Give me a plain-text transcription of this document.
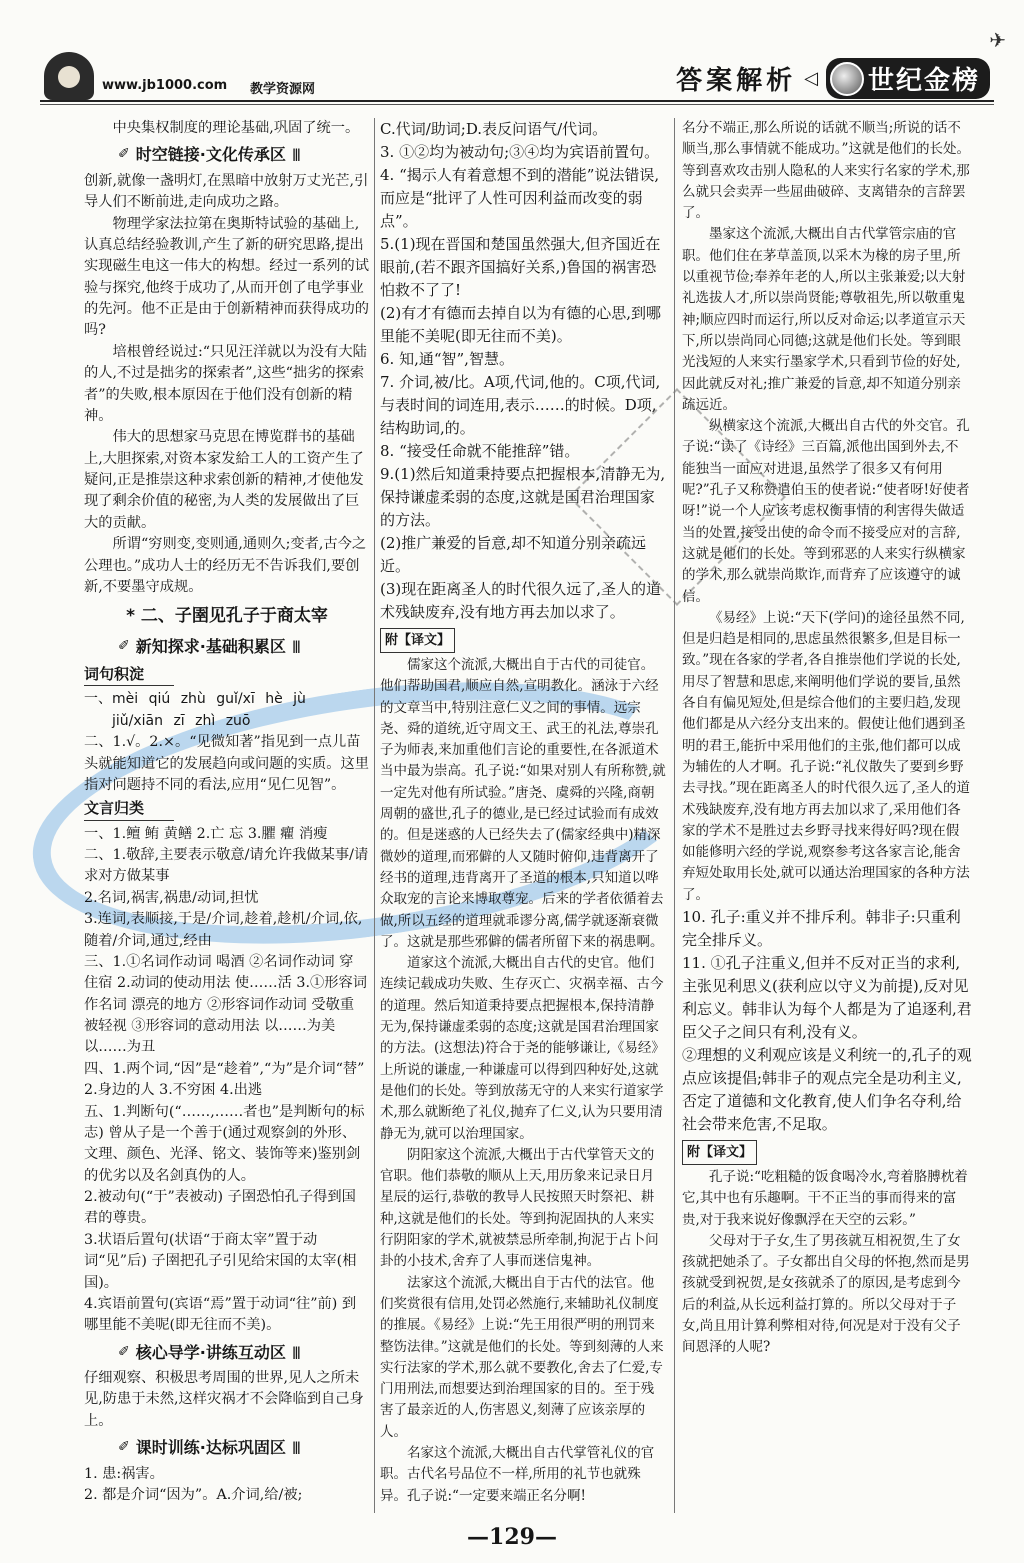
www.jb1000.com 教学资源网	答案解析 ◁ 世纪金榜
✈

中央集权制度的理论基础,巩固了统一。

✐ 时空链接·文化传承区 |||

创新,就像一盏明灯,在黑暗中放射万丈光芒,引导人们不断前进,走向成功之路。

物理学家法拉第在奥斯特试验的基础上,认真总结经验教训,产生了新的研究思路,提出实现磁生电这一伟大的构想。经过一系列的试验与探究,他终于成功了,从而开创了电学事业的先河。他不正是由于创新精神而获得成功的吗?

培根曾经说过:“只见汪洋就以为没有大陆的人,不过是拙劣的探索者”,这些“拙劣的探索者”的失败,根本原因在于他们没有创新的精神。

伟大的思想家马克思在博览群书的基础上,大胆探索,对资本家发給工人的工资产生了疑问,正是推崇这种求索创新的精神,才使他发现了剩余价值的秘密,为人类的发展做出了巨大的贡献。

所谓“穷则变,变则通,通则久;变者,古今之公理也。”成功人士的经历无不告诉我们,要创新,不要墨守成规。

* 二、子圉见孔子于商太宰
✐ 新知探求·基础积累区 |||
词句积淀

一、mèi qiú zhù guǐ/xī hè jù

jiǔ/xiān zī zhì zuō

二、1.√。2.×。“见微知著”指见到一点儿苗头就能知道它的发展趋向或问题的实质。这里指对问题持不同的看法,应用“见仁见智”。

文言归类

一、1.鳣 鲔 黄鳝 2.亡 忘 3.臞 癯 消瘦

二、1.敬辞,主要表示敬意/请允许我做某事/请求对方做某事

2.名词,祸害,祸患/动词,担忧

3.连词,表顺接,于是/介词,趁着,趁机/介词,依,随着/介词,通过,经由

三、1.①名词作动词 喝酒 ②名词作动词 穿 住宿 2.动词的使动用法 使……活 3.①形容词作名词 漂亮的地方 ②形容词作动词 受敬重 被轻视 ③形容词的意动用法 以……为美 以……为丑

四、1.两个词,“因”是“趁着”,“为”是介词“替” 2.身边的人 3.不穷困 4.出逃

五、1.判断句(“……,……者也”是判断句的标志) 曾从子是一个善于(通过观察剑的外形、文理、颜色、光泽、铭文、装饰等来)鉴别剑的优劣以及名剑真伪的人。

2.被动句(“于”表被动) 子圉恐怕孔子得到国君的尊贵。

3.状语后置句(状语“于商太宰”置于动词“见”后) 子圉把孔子引见给宋国的太宰(相国)。

4.宾语前置句(宾语“焉”置于动词“往”前) 到哪里能不美呢(即无往而不美)。

✐ 核心导学·讲练互动区 |||

仔细观察、积极思考周围的世界,见人之所未见,防患于未然,这样灾祸才不会降临到自己身上。

✐ 课时训练·达标巩固区 |||

1. 患:祸害。

2. 都是介词“因为”。A.介词,给/被;

C.代词/助词;D.表反问语气/代词。

3. ①②均为被动句;③④均为宾语前置句。

4. “揭示人有着意想不到的潜能”说法错误,而应是“批评了人性可因利益而改变的弱点”。

5.(1)现在晋国和楚国虽然强大,但齐国近在眼前,(若不跟齐国搞好关系,)鲁国的祸害恐怕救不了了!

(2)有才有德而去掉自以为有德的心思,到哪里能不美呢(即无往而不美)。

6. 知,通“智”,智慧。

7. 介词,被/比。A项,代词,他的。C项,代词,与表时间的词连用,表示……的时候。D项,结构助词,的。

8. “接受任命就不能推辞”错。

9.(1)然后知道秉持要点把握根本,清静无为,保持谦虚柔弱的态度,这就是国君治理国家的方法。

(2)推广兼爱的旨意,却不知道分别亲疏远近。

(3)现在距离圣人的时代很久远了,圣人的道术残缺废弃,没有地方再去加以求了。

附【译文】

儒家这个流派,大概出自于古代的司徒官。他们帮助国君,顺应自然,宣明教化。涵泳于六经的文章当中,特别注意仁义之间的事情。远宗尧、舜的道统,近守周文王、武王的礼法,尊崇孔子为师表,来加重他们言论的重要性,在各派道术当中最为崇高。孔子说:“如果对别人有所称赞,就一定先对他有所试验。”唐尧、虞舜的兴隆,商朝周朝的盛世,孔子的德业,是已经过试验而有成效的。但是迷惑的人已经失去了(儒家经典中)精深微妙的道理,而邪僻的人又随时俯仰,违背离开了经书的道理,违背离开了圣道的根本,只知道以哗众取宠的言论来博取尊宠。后来的学者依循着去做,所以五经的道理就乖谬分离,儒学就逐渐衰微了。这就是那些邪僻的儒者所留下来的祸患啊。

道家这个流派,大概出自古代的史官。他们连续记载成功失败、生存灭亡、灾祸幸福、古今的道理。然后知道秉持要点把握根本,保持清静无为,保持谦虚柔弱的态度;这就是国君治理国家的方法。(这想法)符合于尧的能够谦让,《易经》上所说的谦虚,一种谦虚可以得到四种好处,这就是他们的长处。等到放荡无守的人来实行道家学术,那么就断绝了礼仪,抛弃了仁义,认为只要用清静无为,就可以治理国家。

阴阳家这个流派,大概出于古代掌管天文的官职。他们恭敬的顺从上天,用历象来记录日月星辰的运行,恭敬的教导人民按照天时祭祀、耕种,这就是他们的长处。等到拘泥固执的人来实行阴阳家的学术,就被禁忌所牵制,拘泥于占卜问卦的小技术,舍弃了人事而迷信鬼神。

法家这个流派,大概出自于古代的法官。他们奖赏很有信用,处罚必然施行,来辅助礼仪制度的推展。《易经》上说:“先王用很严明的刑罚来整饬法律。”这就是他们的长处。等到刻薄的人来实行法家的学术,那么就不要教化,舍去了仁爱,专门用刑法,而想要达到治理国家的目的。至于残害了最亲近的人,伤害恩义,刻薄了应该亲厚的人。

名家这个流派,大概出自古代掌管礼仪的官职。古代名号品位不一样,所用的礼节也就殊异。孔子说:“一定要来端正名分啊!

名分不端正,那么所说的话就不顺当;所说的话不顺当,那么事情就不能成功。”这就是他们的长处。等到喜欢攻击别人隐私的人来实行名家的学术,那么就只会卖弄一些屈曲破碎、支离错杂的言辞罢了。

墨家这个流派,大概出自古代掌管宗庙的官职。他们住在茅草盖顶,以采木为椽的房子里,所以重视节俭;奉养年老的人,所以主张兼爱;以大射礼选拔人才,所以崇尚贤能;尊敬祖先,所以敬重鬼神;顺应四时而运行,所以反对命运;以孝道宣示天下,所以崇尚同心同德;这就是他们长处。等到眼光浅短的人来实行墨家学术,只看到节俭的好处,因此就反对礼;推广兼爱的旨意,却不知道分别亲疏远近。

纵横家这个流派,大概出自古代的外交官。孔子说:“读了《诗经》三百篇,派他出国到外去,不能独当一面应对进退,虽然学了很多又有何用呢?”孔子又称赞遣伯玉的使者说:“使者呀!好使者呀!”说一个人应该考虑权衡事情的利害得失做适当的处置,接受出使的命令而不接受应对的言辞,这就是他们的长处。等到邪恶的人来实行纵横家的学术,那么就崇尚欺诈,而背弃了应该遵守的诚信。

《易经》上说:“天下(学问)的途径虽然不同,但是归趋是相同的,思虑虽然很繁多,但是目标一致。”现在各家的学者,各自推崇他们学说的长处,用尽了智慧和思虑,来阐明他们学说的要旨,虽然各自有偏见短处,但是综合他们的主要归趋,发现他们都是从六经分支出来的。假使让他们遇到圣明的君王,能折中采用他们的主张,他们都可以成为辅佐的人才啊。孔子说:“礼仪散失了要到乡野去寻找。”现在距离圣人的时代很久远了,圣人的道术残缺废弃,没有地方再去加以求了,采用他们各家的学术不是胜过去乡野寻找来得好吗?现在假如能修明六经的学说,观察参考这各家言论,能舍弃短处取用长处,就可以通达治理国家的各种方法了。

10. 孔子:重义并不排斥利。韩非子:只重利完全排斥义。

11. ①孔子注重义,但并不反对正当的求利,主张见利思义(获利应以守义为前提),反对见利忘义。韩非认为每个人都是为了追逐利,君臣父子之间只有利,没有义。

②理想的义利观应该是义利统一的,孔子的观点应该提倡;韩非子的观点完全是功利主义,否定了道德和文化教育,使人们争名夺利,给社会带来危害,不足取。

附【译文】

孔子说:“吃粗糙的饭食喝冷水,弯着胳膊枕着它,其中也有乐趣啊。干不正当的事而得来的富贵,对于我来说好像飘浮在天空的云彩。”

父母对于子女,生了男孩就互相祝贺,生了女孩就把她杀了。子女都出自父母的怀抱,然而是男孩就受到祝贺,是女孩就杀了的原因,是考虑到今后的利益,从长远利益打算的。所以父母对于子女,尚且用计算利弊相对待,何况是对于没有父子间恩泽的人呢?

—129—
